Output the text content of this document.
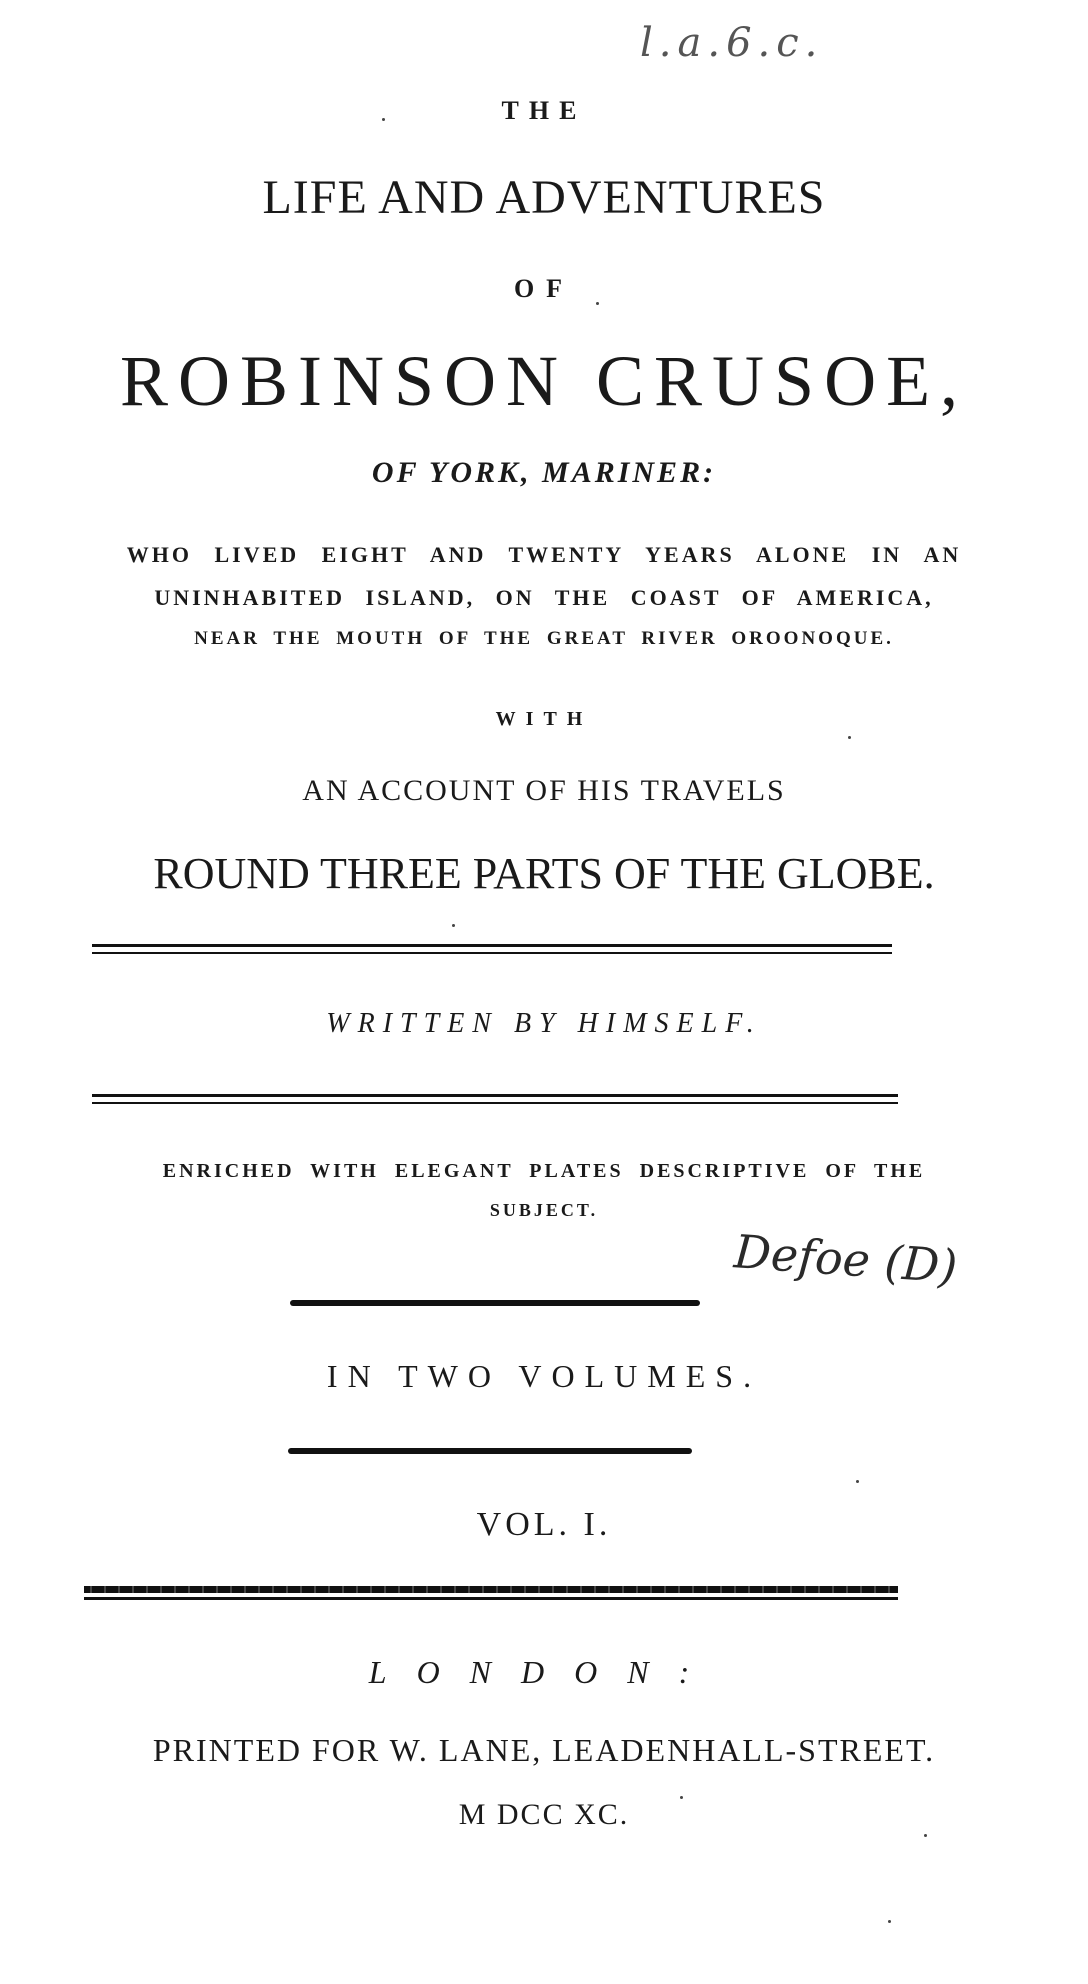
l.a.6.c.
THE
LIFE AND ADVENTURES
OF
ROBINSON CRUSOE,
OF YORK, MARINER:
WHO LIVED EIGHT AND TWENTY YEARS ALONE IN AN
UNINHABITED ISLAND, ON THE COAST OF AMERICA,
NEAR THE MOUTH OF THE GREAT RIVER OROONOQUE.
WITH
AN ACCOUNT OF HIS TRAVELS
ROUND THREE PARTS OF THE GLOBE.
WRITTEN BY HIMSELF.
ENRICHED WITH ELEGANT PLATES DESCRIPTIVE OF THE
SUBJECT.
Defoe (D)
IN TWO VOLUMES.
VOL. I.
LONDON:
PRINTED FOR W. LANE, LEADENHALL-STREET.
M DCC XC.
